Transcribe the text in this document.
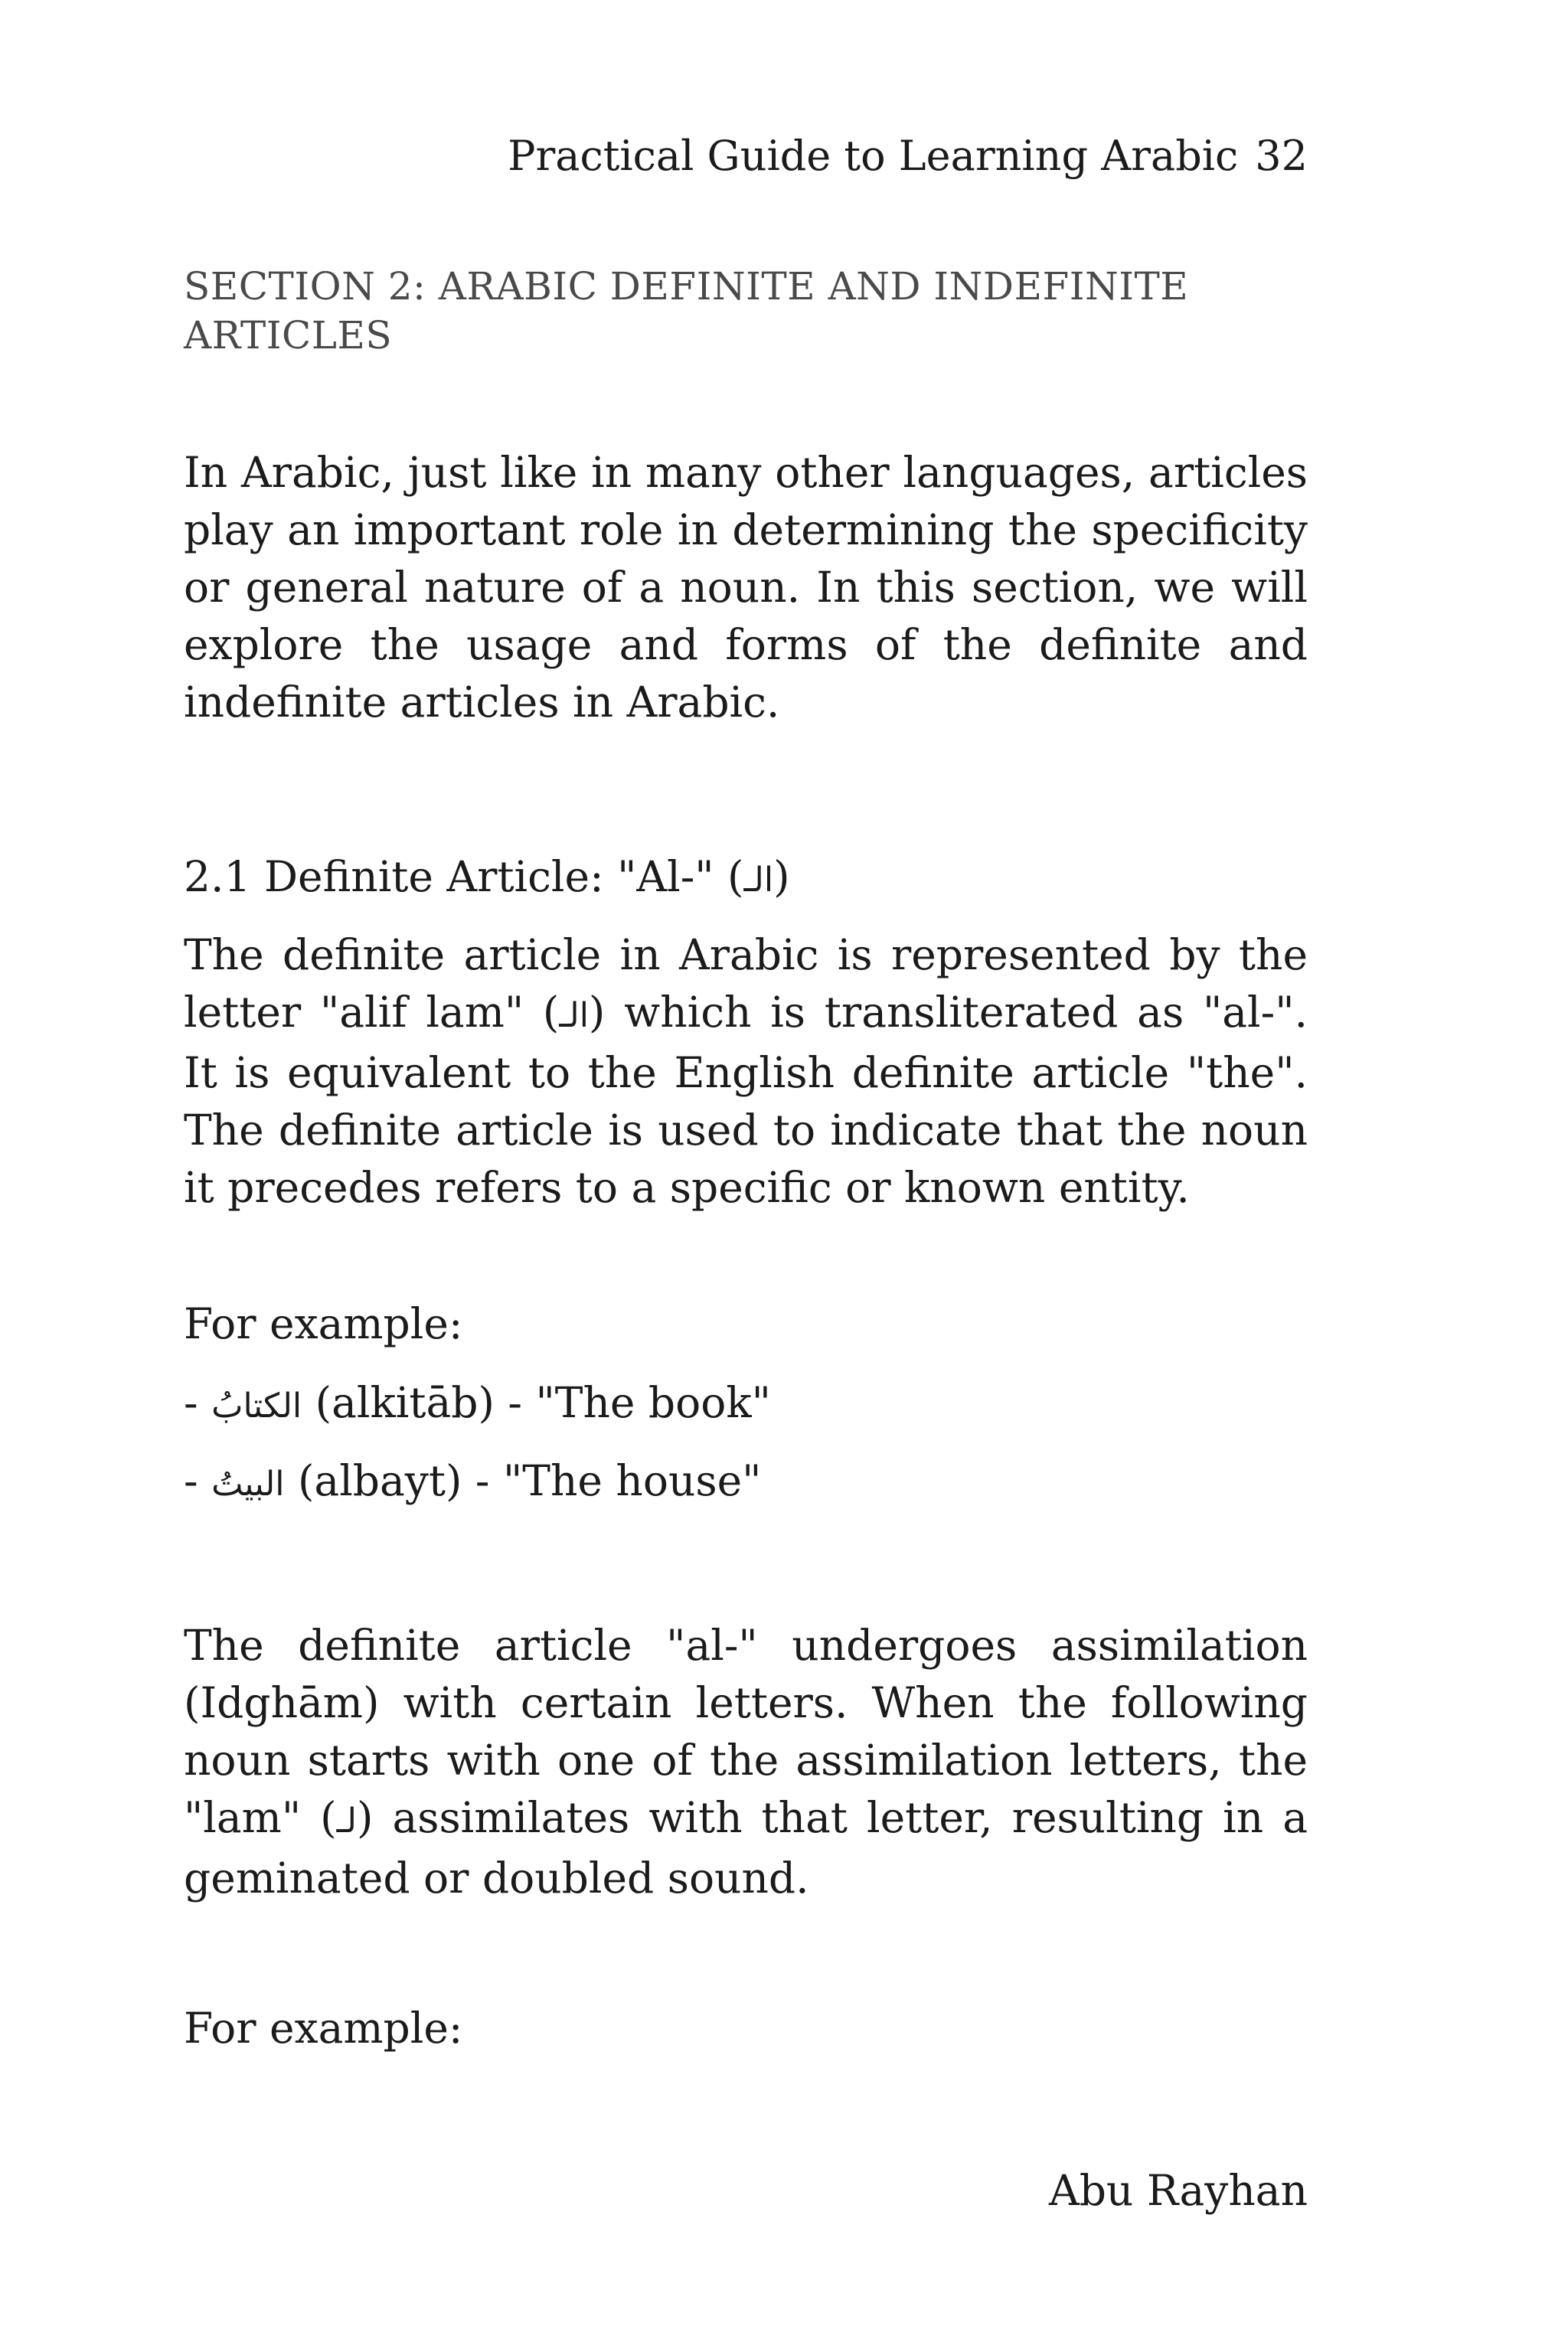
Practical Guide to Learning Arabic 32
SECTION 2: ARABIC DEFINITE AND INDEFINITE ARTICLES

In Arabic, just like in many other languages, articles play an important role in determining the specificity or general nature of a noun. In this section, we will explore the usage and forms of the definite and indefinite articles in Arabic.

2.1 Definite Article: "Al-" (الـ)

The definite article in Arabic is represented by the letter "alif lam" (الـ) which is transliterated as "al-". It is equivalent to the English definite article "the". The definite article is used to indicate that the noun it precedes refers to a specific or known entity.

For example:

- الكتابُ (alkitāb) - "The book"

- البيتُ (albayt) - "The house"

The definite article "al-" undergoes assimilation (Idghām) with certain letters. When the following noun starts with one of the assimilation letters, the "lam" (لـ) assimilates with that letter, resulting in a geminated or doubled sound.

For example:

Abu Rayhan
